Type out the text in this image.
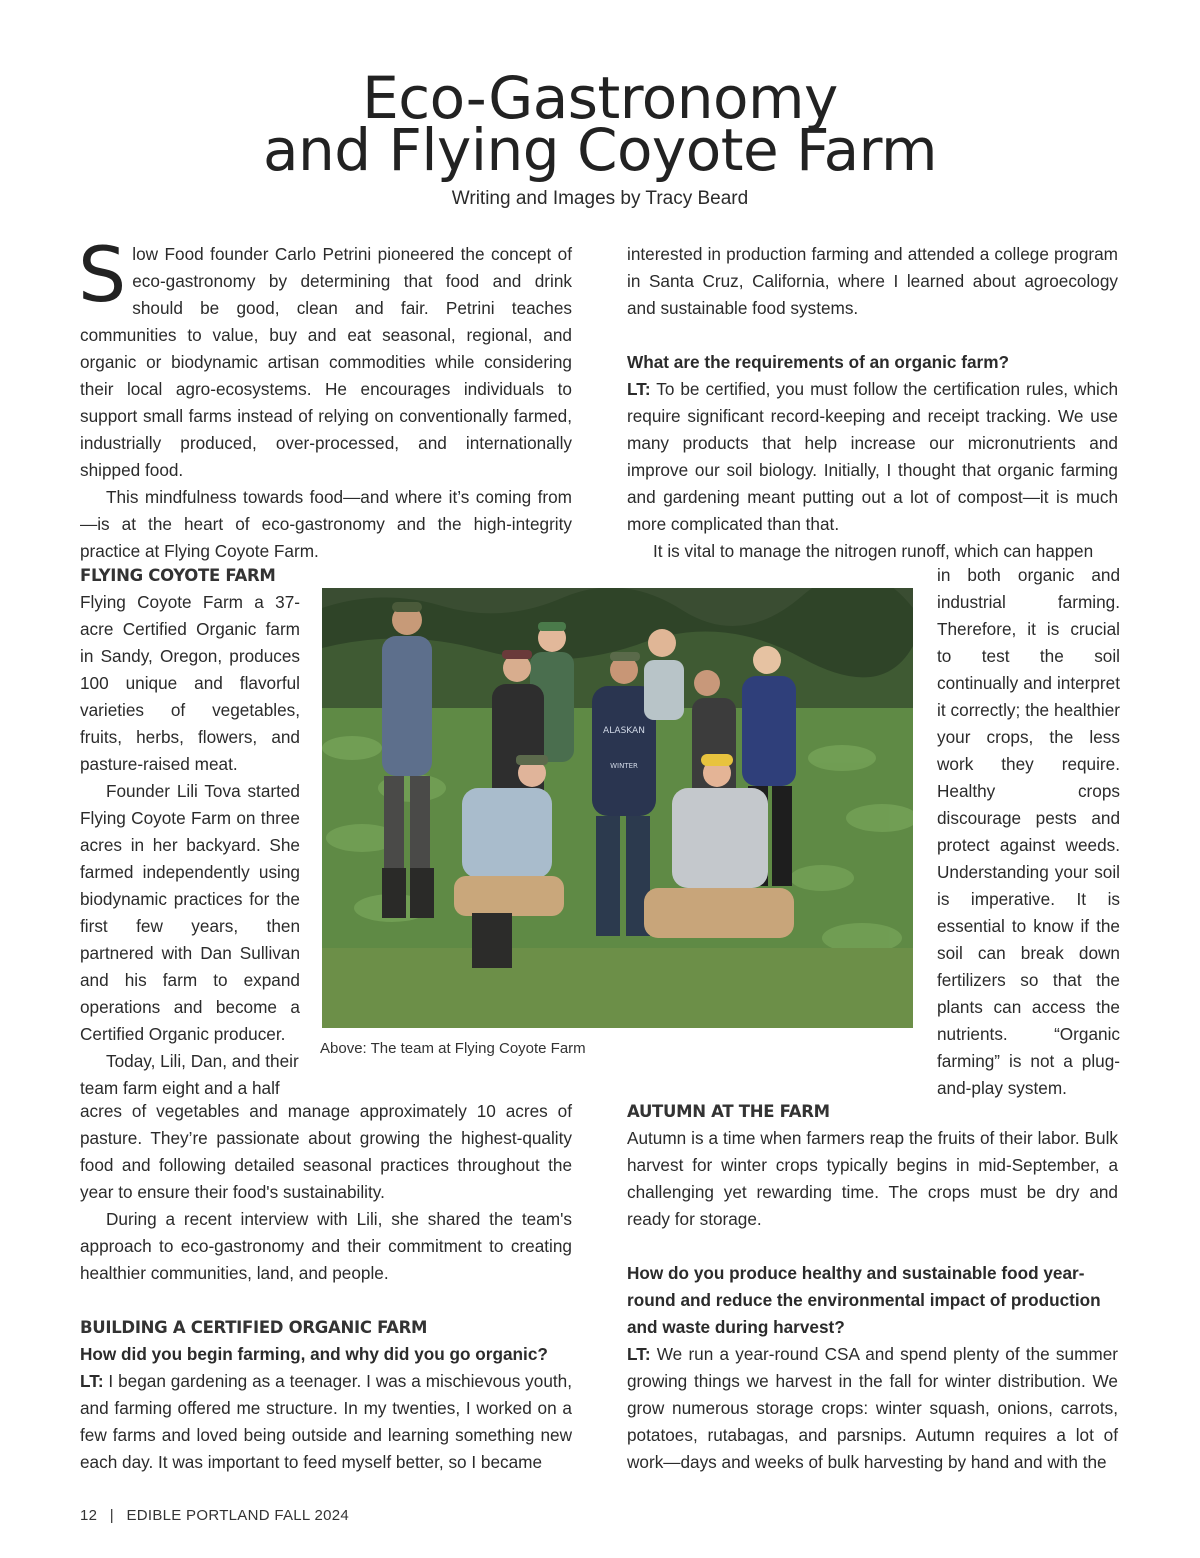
Eco-Gastronomy
and Flying Coyote Farm
Writing and Images by Tracy Beard

Slow Food founder Carlo Petrini pioneered the concept of eco-gastronomy by determining that food and drink should be good, clean and fair. Petrini teaches communities to value, buy and eat seasonal, regional, and organic or biodynamic artisan commodities while considering their local agro-ecosystems. He encourages individuals to support small farms instead of relying on conventionally farmed, industrially produced, over-processed, and internationally shipped food.

This mindfulness towards food—and where it’s coming from—is at the heart of eco-gastronomy and the high-integrity practice at Flying Coyote Farm.

FLYING COYOTE FARM

Flying Coyote Farm a 37-acre Certified Organic farm in Sandy, Oregon, produces 100 unique and flavorful varieties of vegetables, fruits, herbs, flowers, and pasture-raised meat.

Founder Lili Tova started Flying Coyote Farm on three acres in her backyard. She farmed independently using biodynamic practices for the first few years, then partnered with Dan Sullivan and his farm to expand operations and become a Certified Organic producer.

Today, Lili, Dan, and their team farm eight and a half

acres of vegetables and manage approximately 10 acres of pasture. They’re passionate about growing the highest-quality food and following detailed seasonal practices throughout the year to ensure their food's sustainability.

During a recent interview with Lili, she shared the team's approach to eco-gastronomy and their commitment to creating healthier communities, land, and people.

BUILDING A CERTIFIED ORGANIC FARM
How did you begin farming, and why did you go organic?

LT: I began gardening as a teenager. I was a mischievous youth, and farming offered me structure. In my twenties, I worked on a few farms and loved being outside and learning something new each day. It was important to feed myself better, so I became

interested in production farming and attended a college program in Santa Cruz, California, where I learned about agroecology and sustainable food systems.

What are the requirements of an organic farm?

LT: To be certified, you must follow the certification rules, which require significant record-keeping and receipt tracking. We use many products that help increase our micronutrients and improve our soil biology. Initially, I thought that organic farming and gardening meant putting out a lot of compost—it is much more complicated than that.

It is vital to manage the nitrogen runoff, which can happen

in both organic and industrial farming. Therefore, it is crucial to test the soil continually and interpret it correctly; the healthier your crops, the less work they require. Healthy crops discourage pests and protect against weeds. Understanding your soil is imperative. It is essential to know if the soil can break down fertilizers so that the plants can access the nutrients. “Organic farming” is not a plug-and-play system.

AUTUMN AT THE FARM

Autumn is a time when farmers reap the fruits of their labor. Bulk harvest for winter crops typically begins in mid-September, a challenging yet rewarding time. The crops must be dry and ready for storage.

How do you produce healthy and sustainable food year-round and reduce the environmental impact of production and waste during harvest?

LT: We run a year-round CSA and spend plenty of the summer growing things we harvest in the fall for winter distribution. We grow numerous storage crops: winter squash, onions, carrots, potatoes, rutabagas, and parsnips. Autumn requires a lot of work—days and weeks of bulk harvesting by hand and with the

ALASKAN
WINTER
Above: The team at Flying Coyote Farm
12 | EDIBLE PORTLAND FALL 2024
